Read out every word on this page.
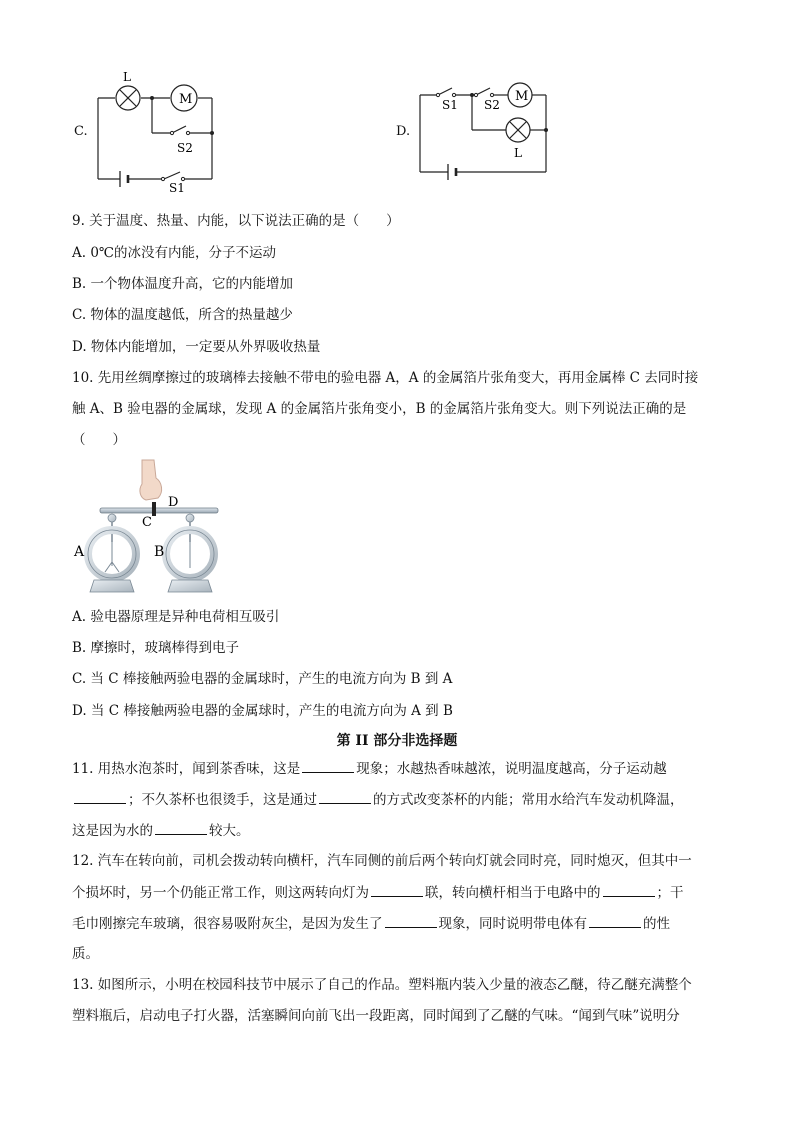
C.
M
L
S2
S1
D.
M
L
S1 S2
9. 关于温度、热量、内能，以下说法正确的是（　　）
A. 0℃的冰没有内能，分子不运动
B. 一个物体温度升高，它的内能增加
C. 物体的温度越低，所含的热量越少
D. 物体内能增加，一定要从外界吸收热量
10. 先用丝绸摩擦过的玻璃棒去接触不带电的验电器 A，A 的金属箔片张角变大，再用金属棒 C 去同时接
触 A、B 验电器的金属球，发现 A 的金属箔片张角变小，B 的金属箔片张角变大。则下列说法正确的是
（　　）
D
C
A	B
A. 验电器原理是异种电荷相互吸引
B. 摩擦时，玻璃棒得到电子
C. 当 C 棒接触两验电器的金属球时，产生的电流方向为 B 到 A
D. 当 C 棒接触两验电器的金属球时，产生的电流方向为 A 到 B
第 II 部分非选择题
11. 用热水泡茶时，闻到茶香味，这是	现象；水越热香味越浓，说明温度越高，分子运动越
；不久茶杯也很烫手，这是通过	的方式改变茶杯的内能；常用水给汽车发动机降温，
这是因为水的	较大。
12. 汽车在转向前，司机会拨动转向横杆，汽车同侧的前后两个转向灯就会同时亮，同时熄灭，但其中一
个损坏时，另一个仍能正常工作，则这两转向灯为	联，转向横杆相当于电路中的	；干
毛巾刚擦完车玻璃，很容易吸附灰尘，是因为发生了	现象，同时说明带电体有	的性
质。
13. 如图所示，小明在校园科技节中展示了自己的作品。塑料瓶内装入少量的液态乙醚，待乙醚充满整个
塑料瓶后，启动电子打火器，活塞瞬间向前飞出一段距离，同时闻到了乙醚的气味。“闻到气味”说明分
